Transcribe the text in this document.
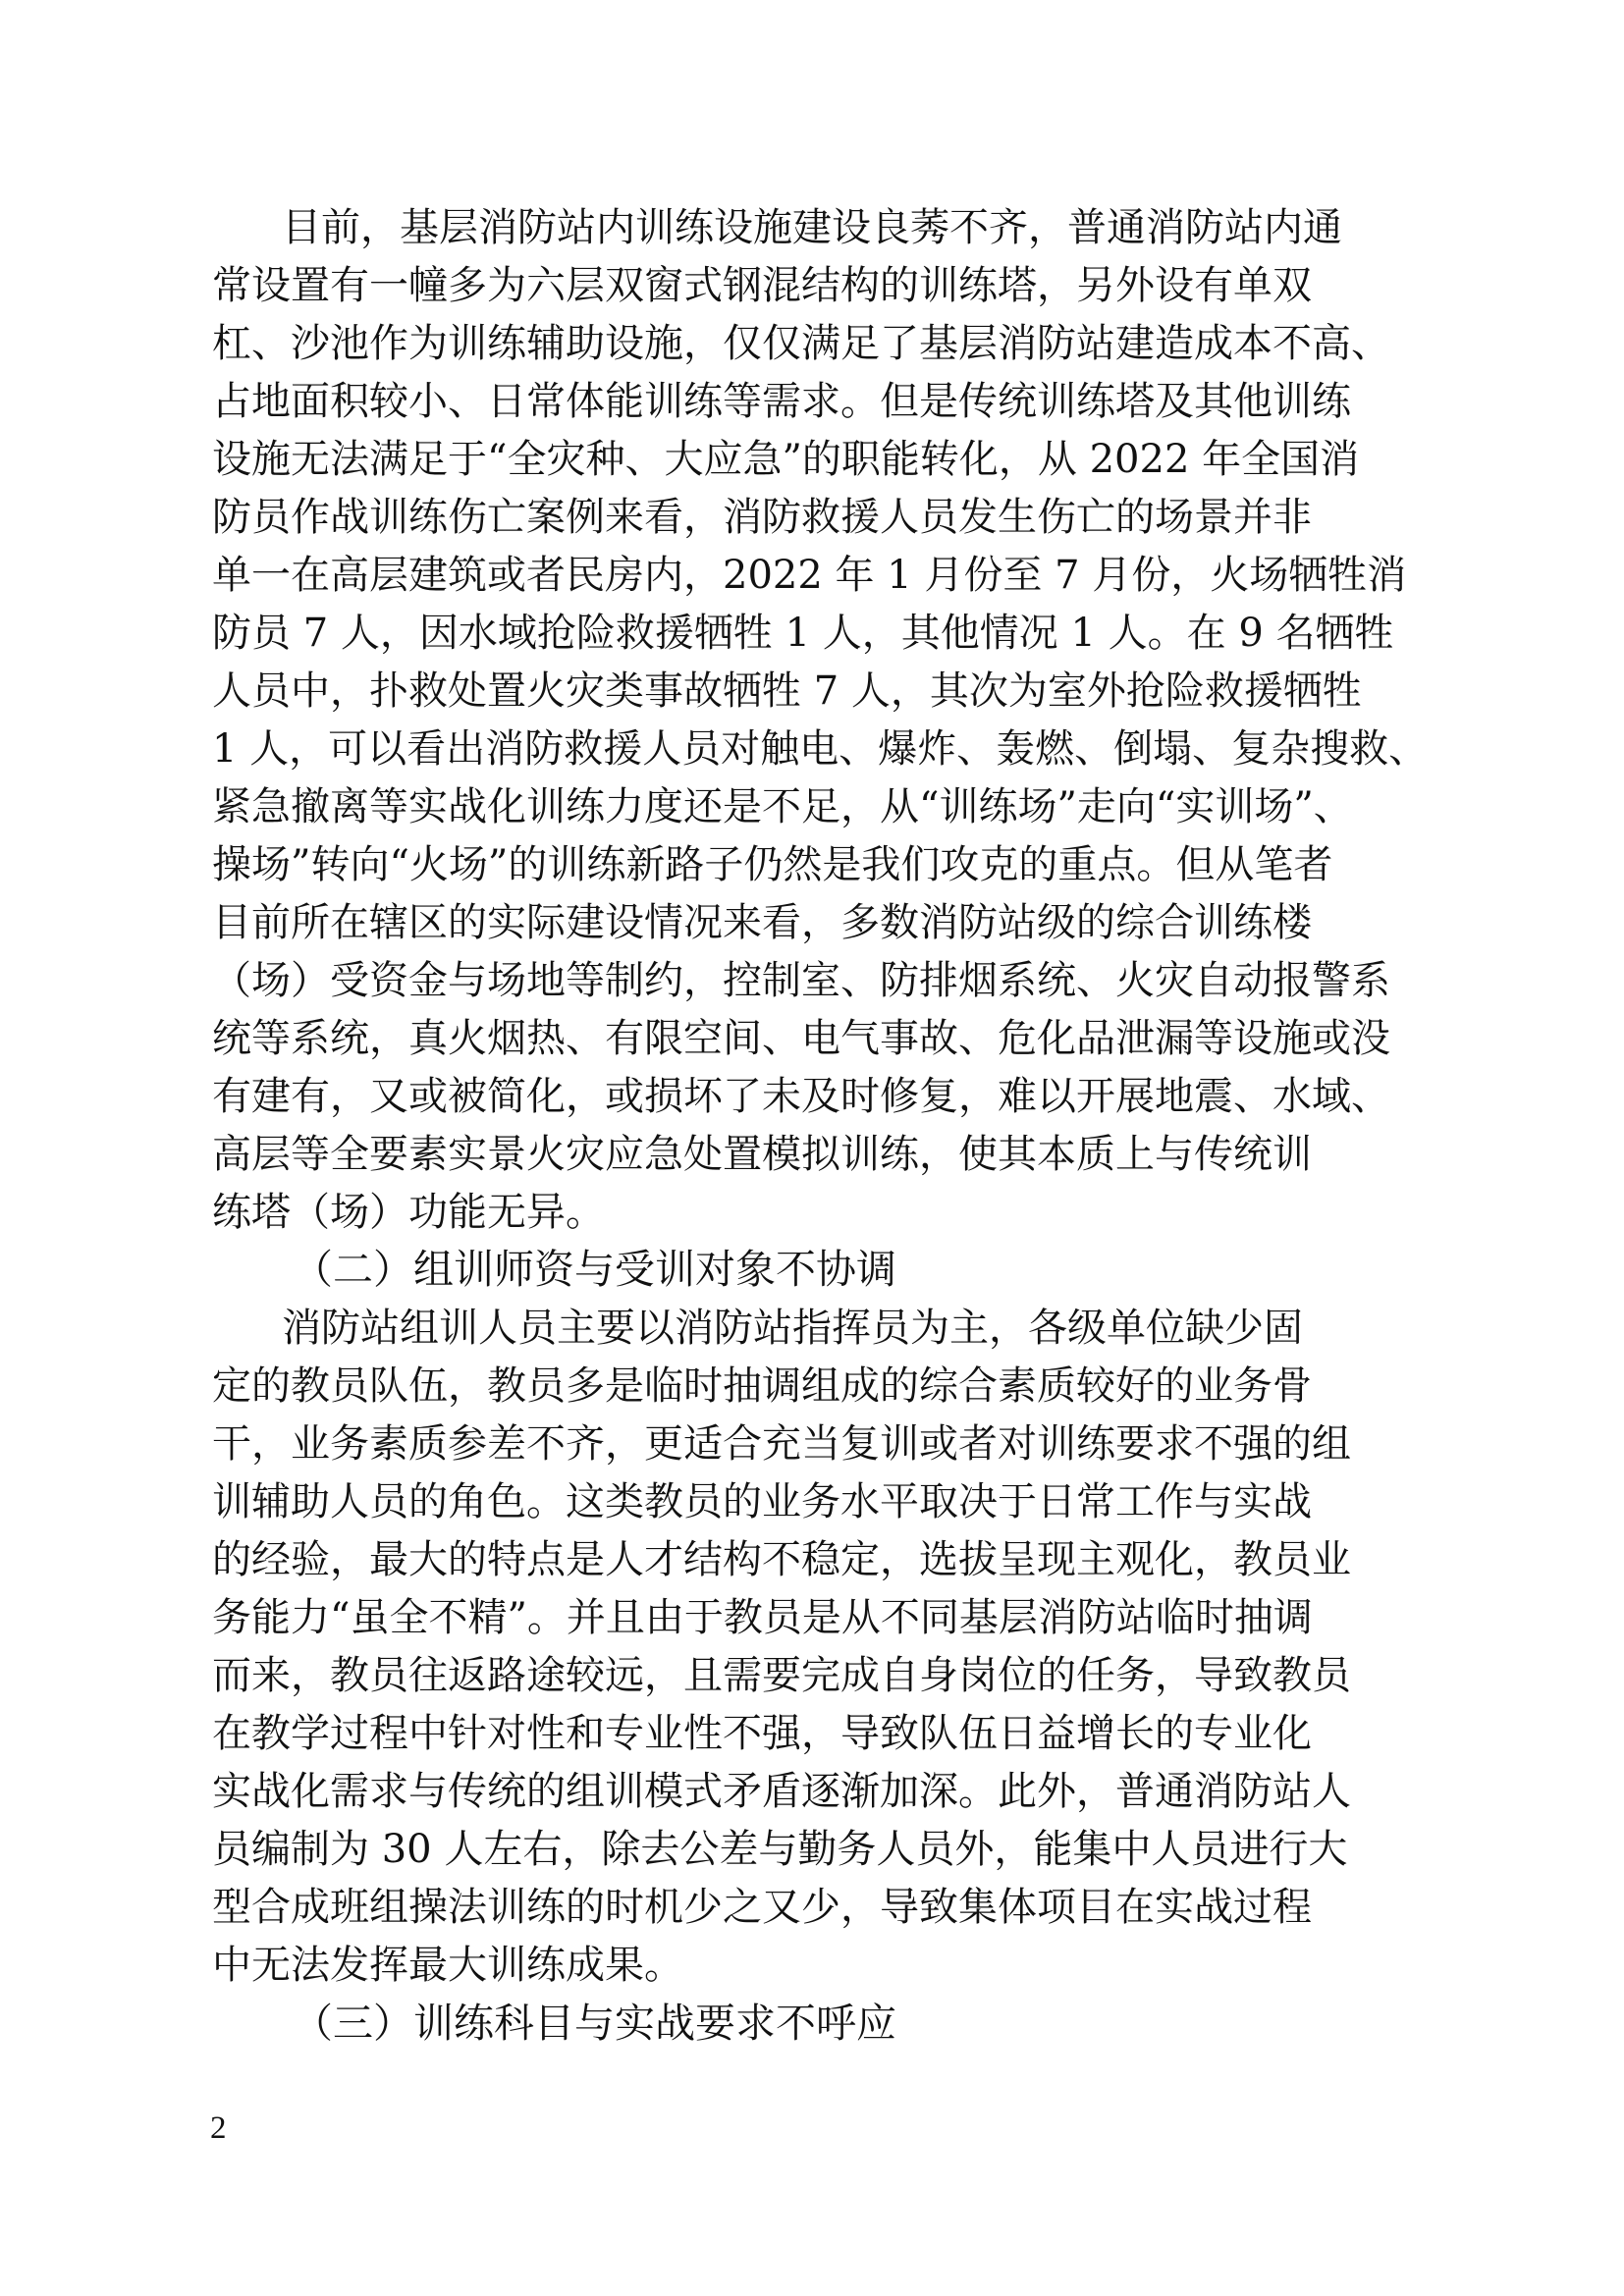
目前，基层消防站内训练设施建设良莠不齐，普通消防站内通

常设置有一幢多为六层双窗式钢混结构的训练塔，另外设有单双

杠、沙池作为训练辅助设施，仅仅满足了基层消防站建造成本不高、

占地面积较小、日常体能训练等需求。但是传统训练塔及其他训练

设施无法满足于“全灾种、大应急”的职能转化，从 2022 年全国消

防员作战训练伤亡案例来看，消防救援人员发生伤亡的场景并非

单一在高层建筑或者民房内，2022 年 1 月份至 7 月份，火场牺牲消

防员 7 人，因水域抢险救援牺牲 1 人，其他情况 1 人。在 9 名牺牲

人员中，扑救处置火灾类事故牺牲 7 人，其次为室外抢险救援牺牲

1 人，可以看出消防救援人员对触电、爆炸、轰燃、倒塌、复杂搜救、

紧急撤离等实战化训练力度还是不足，从“训练场”走向“实训场”、

操场”转向“火场”的训练新路子仍然是我们攻克的重点。但从笔者

目前所在辖区的实际建设情况来看，多数消防站级的综合训练楼

（场）受资金与场地等制约，控制室、防排烟系统、火灾自动报警系

统等系统，真火烟热、有限空间、电气事故、危化品泄漏等设施或没

有建有，又或被简化，或损坏了未及时修复，难以开展地震、水域、

高层等全要素实景火灾应急处置模拟训练，使其本质上与传统训

练塔（场）功能无异。

（二）组训师资与受训对象不协调

消防站组训人员主要以消防站指挥员为主，各级单位缺少固

定的教员队伍，教员多是临时抽调组成的综合素质较好的业务骨

干，业务素质参差不齐，更适合充当复训或者对训练要求不强的组

训辅助人员的角色。这类教员的业务水平取决于日常工作与实战

的经验，最大的特点是人才结构不稳定，选拔呈现主观化，教员业

务能力“虽全不精”。并且由于教员是从不同基层消防站临时抽调

而来，教员往返路途较远，且需要完成自身岗位的任务，导致教员

在教学过程中针对性和专业性不强，导致队伍日益增长的专业化

实战化需求与传统的组训模式矛盾逐渐加深。此外，普通消防站人

员编制为 30 人左右，除去公差与勤务人员外，能集中人员进行大

型合成班组操法训练的时机少之又少，导致集体项目在实战过程

中无法发挥最大训练成果。

（三）训练科目与实战要求不呼应

2
